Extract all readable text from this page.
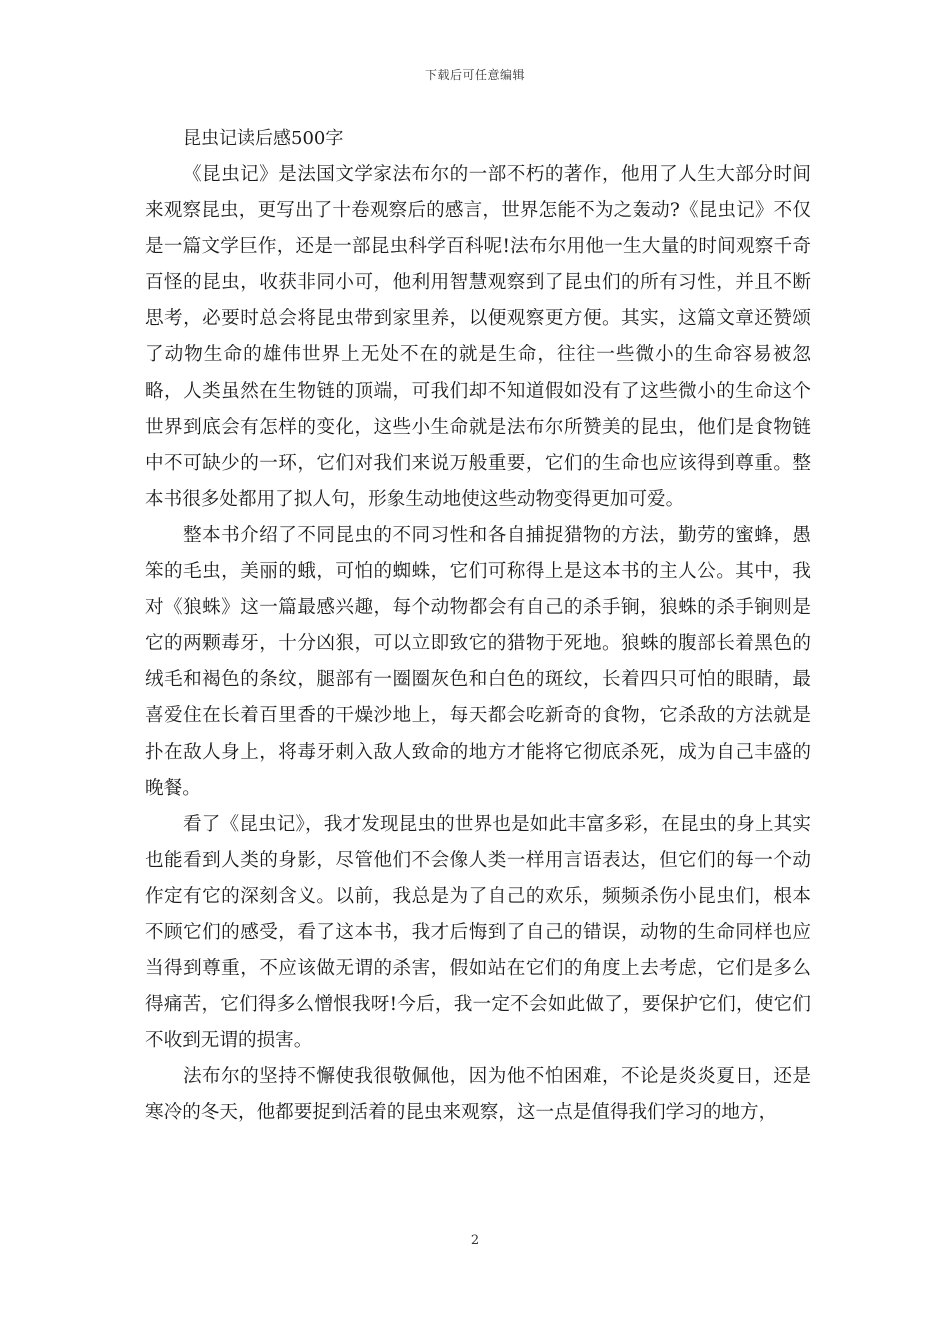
下载后可任意编辑

昆虫记读后感500字

《昆虫记》是法国文学家法布尔的一部不朽的著作，他用了人生大部分时间来观察昆虫，更写出了十卷观察后的感言，世界怎能不为之轰动?《昆虫记》不仅是一篇文学巨作，还是一部昆虫科学百科呢!法布尔用他一生大量的时间观察千奇百怪的昆虫，收获非同小可，他利用智慧观察到了昆虫们的所有习性，并且不断思考，必要时总会将昆虫带到家里养，以便观察更方便。其实，这篇文章还赞颂了动物生命的雄伟世界上无处不在的就是生命，往往一些微小的生命容易被忽略，人类虽然在生物链的顶端，可我们却不知道假如没有了这些微小的生命这个世界到底会有怎样的变化，这些小生命就是法布尔所赞美的昆虫，他们是食物链中不可缺少的一环，它们对我们来说万般重要，它们的生命也应该得到尊重。整本书很多处都用了拟人句，形象生动地使这些动物变得更加可爱。

整本书介绍了不同昆虫的不同习性和各自捕捉猎物的方法，勤劳的蜜蜂，愚笨的毛虫，美丽的蛾，可怕的蜘蛛，它们可称得上是这本书的主人公。其中，我对《狼蛛》这一篇最感兴趣，每个动物都会有自己的杀手锏，狼蛛的杀手锏则是它的两颗毒牙，十分凶狠，可以立即致它的猎物于死地。狼蛛的腹部长着黑色的绒毛和褐色的条纹，腿部有一圈圈灰色和白色的斑纹，长着四只可怕的眼睛，最喜爱住在长着百里香的干燥沙地上，每天都会吃新奇的食物，它杀敌的方法就是扑在敌人身上，将毒牙刺入敌人致命的地方才能将它彻底杀死，成为自己丰盛的晚餐。

看了《昆虫记》，我才发现昆虫的世界也是如此丰富多彩，在昆虫的身上其实也能看到人类的身影，尽管他们不会像人类一样用言语表达，但它们的每一个动作定有它的深刻含义。以前，我总是为了自己的欢乐，频频杀伤小昆虫们，根本不顾它们的感受，看了这本书，我才后悔到了自己的错误，动物的生命同样也应当得到尊重，不应该做无谓的杀害，假如站在它们的角度上去考虑，它们是多么得痛苦，它们得多么憎恨我呀!今后，我一定不会如此做了，要保护它们，使它们不收到无谓的损害。

法布尔的坚持不懈使我很敬佩他，因为他不怕困难，不论是炎炎夏日，还是寒冷的冬天，他都要捉到活着的昆虫来观察，这一点是值得我们学习的地方，

2
